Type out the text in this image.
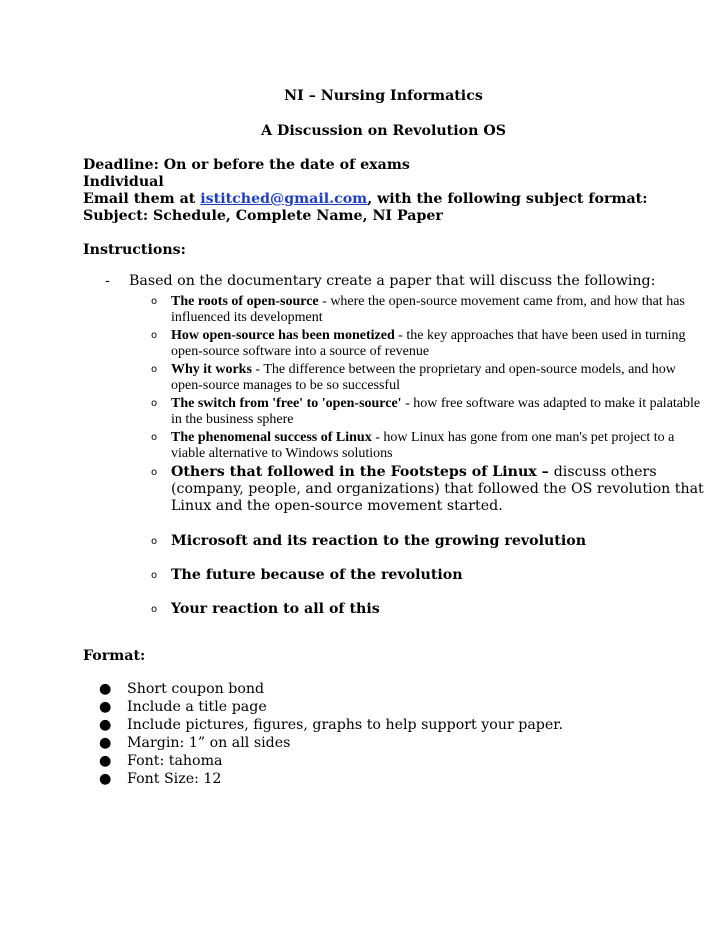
NI – Nursing Informatics

A Discussion on Revolution OS

Deadline: On or before the date of exams

Individual

Email them at istitched@gmail.com, with the following subject format:

Subject: Schedule, Complete Name, NI Paper

Instructions:

- Based on the documentary create a paper that will discuss the following:
o The roots of open-source - where the open-source movement came from, and how that has influenced its development
o How open-source has been monetized - the key approaches that have been used in turning open-source software into a source of revenue
o Why it works - The difference between the proprietary and open-source models, and how open-source manages to be so successful
o The switch from 'free' to 'open-source' - how free software was adapted to make it palatable in the business sphere
o The phenomenal success of Linux - how Linux has gone from one man's pet project to a viable alternative to Windows solutions
o Others that followed in the Footsteps of Linux – discuss others (company, people, and organizations) that followed the OS revolution that Linux and the open-source movement started.
o Microsoft and its reaction to the growing revolution
o The future because of the revolution
o Your reaction to all of this

Format:

● Short coupon bond
● Include a title page
● Include pictures, figures, graphs to help support your paper.
● Margin: 1” on all sides
● Font: tahoma
● Font Size: 12
